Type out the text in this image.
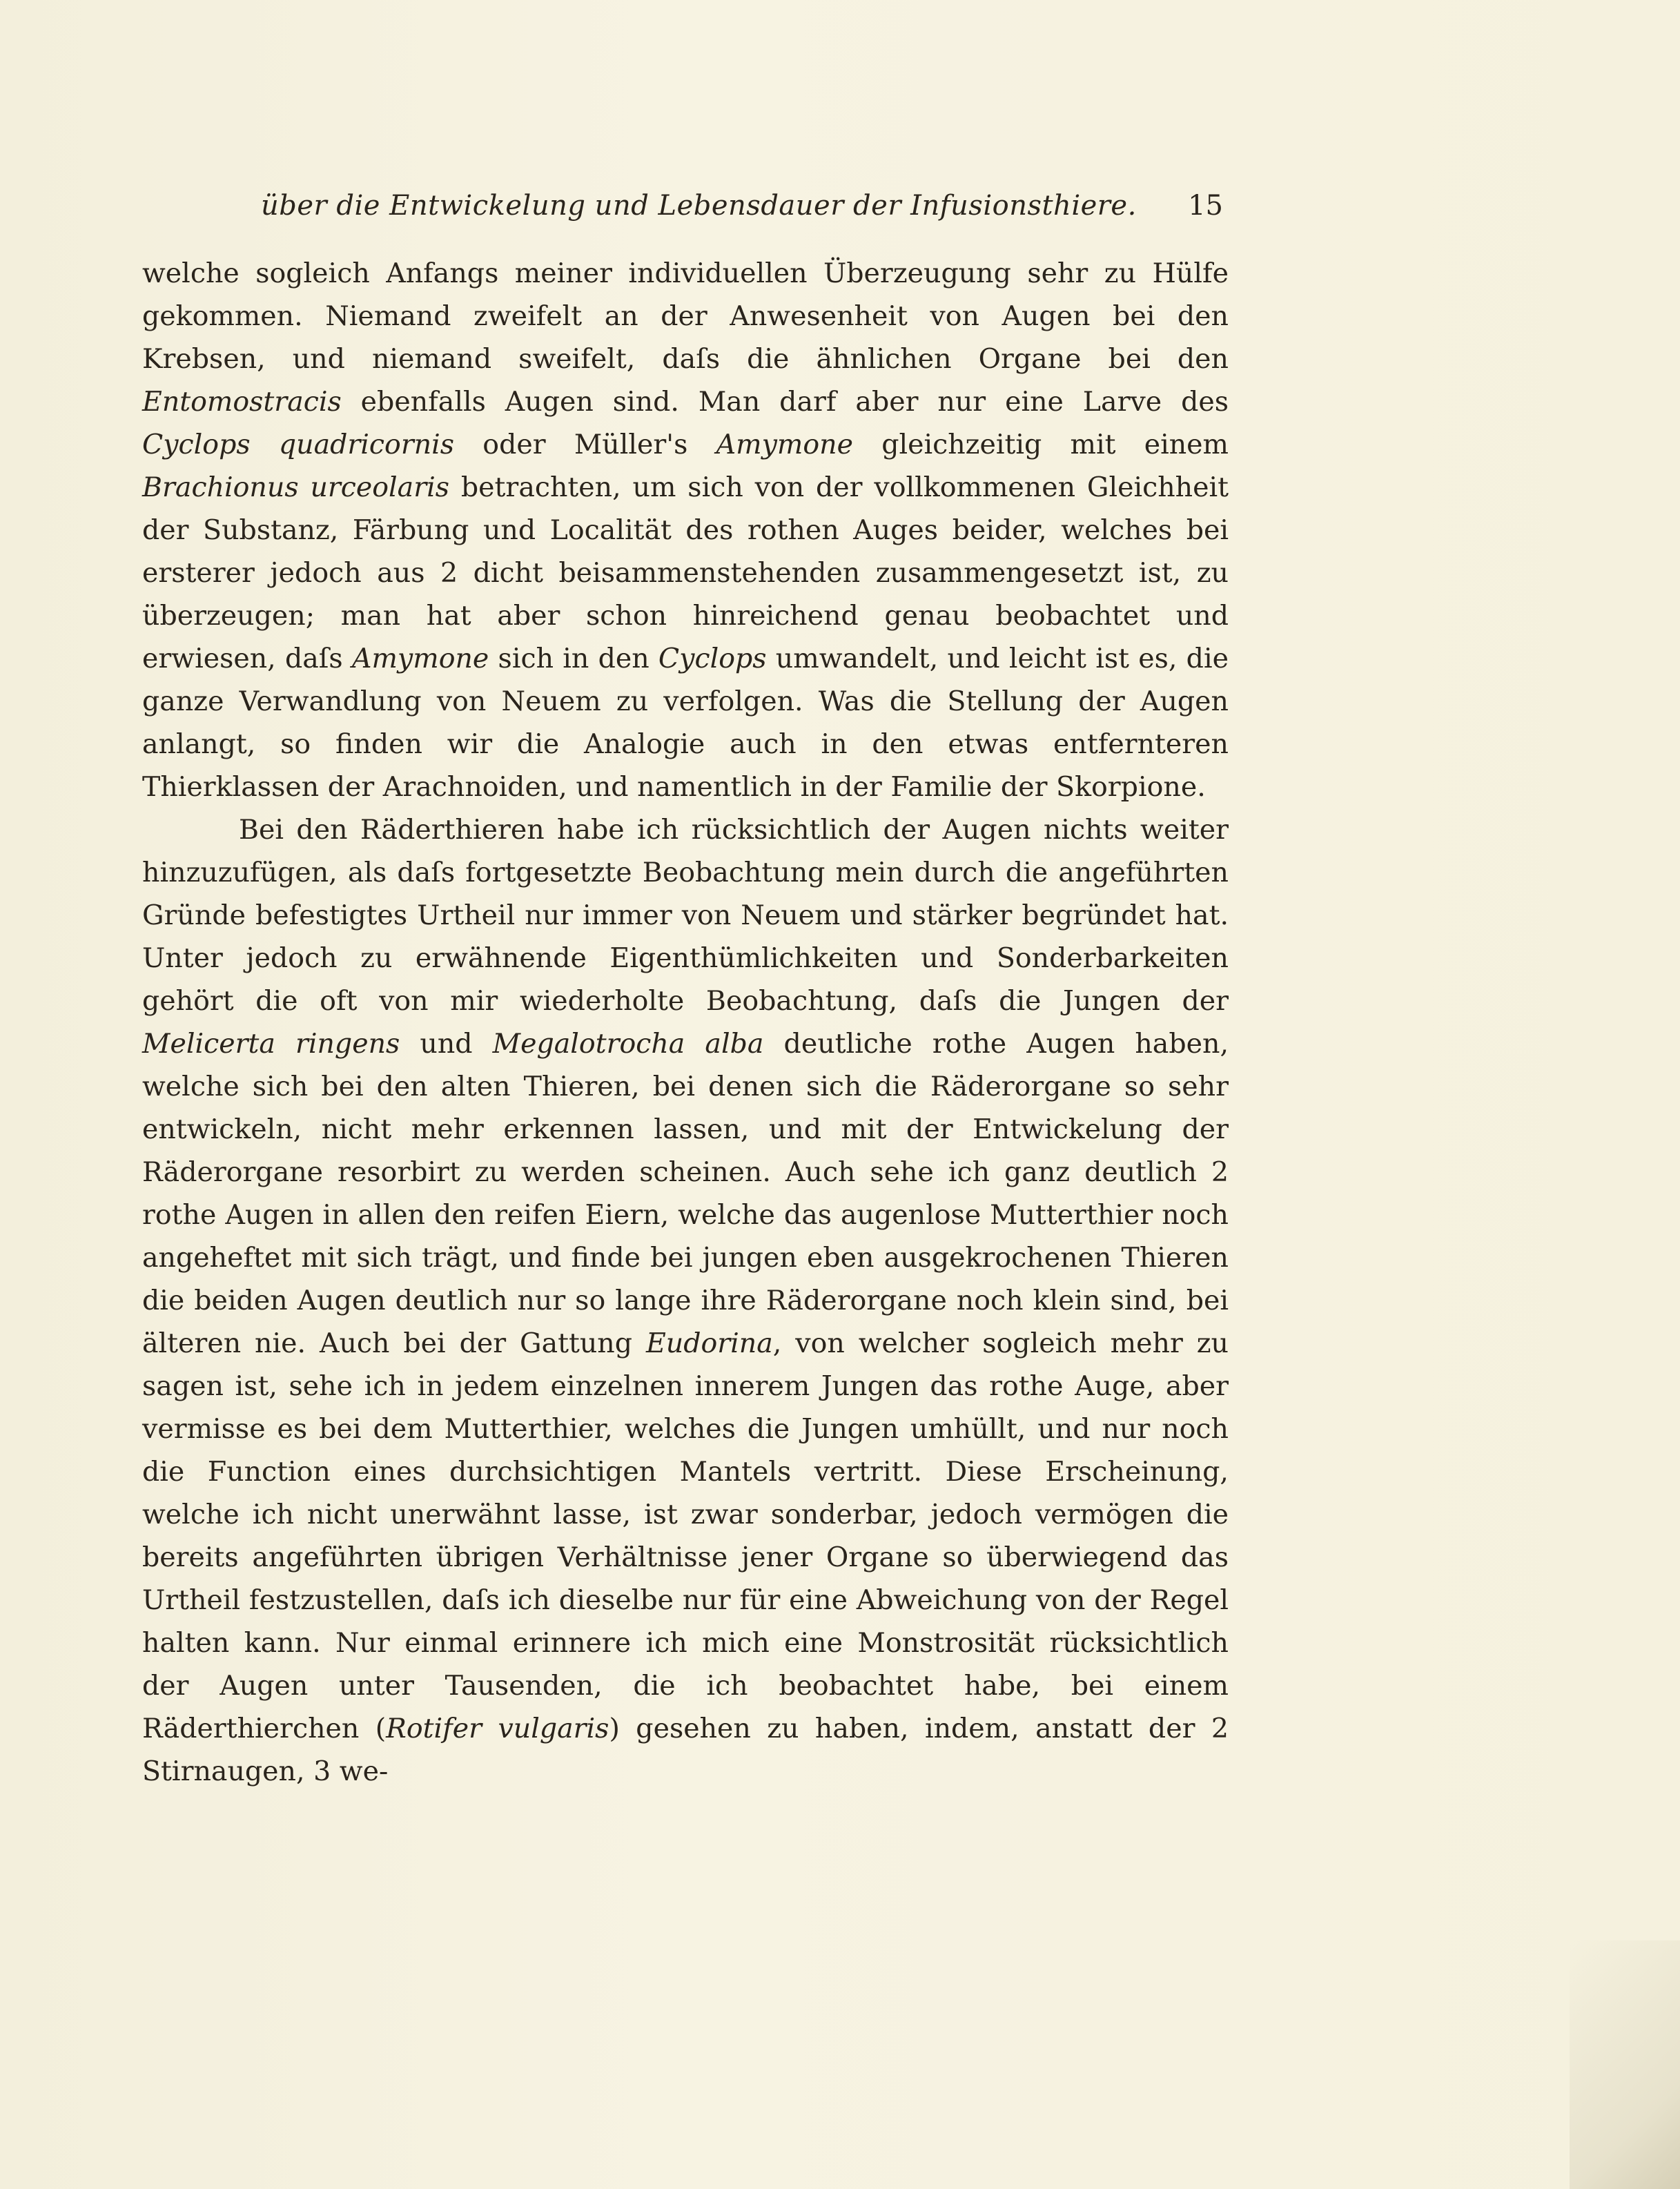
über die Entwickelung und Lebensdauer der Infusionsthiere. 15

welche sogleich Anfangs meiner individuellen Überzeugung sehr zu Hülfe gekommen. Niemand zweifelt an der Anwesenheit von Augen bei den Krebsen, und niemand sweifelt, daſs die ähnlichen Organe bei den Entomostracis ebenfalls Augen sind. Man darf aber nur eine Larve des Cyclops quadricornis oder Müller's Amymone gleichzeitig mit einem Brachionus urceolaris betrachten, um sich von der vollkommenen Gleichheit der Substanz, Färbung und Localität des rothen Auges beider, welches bei ersterer jedoch aus 2 dicht beisammenstehenden zusammengesetzt ist, zu überzeugen; man hat aber schon hinreichend genau beobachtet und erwiesen, daſs Amymone sich in den Cyclops umwandelt, und leicht ist es, die ganze Verwandlung von Neuem zu verfolgen. Was die Stellung der Augen anlangt, so finden wir die Analogie auch in den etwas entfernteren Thierklassen der Arachnoiden, und namentlich in der Familie der Skorpione.

Bei den Räderthieren habe ich rücksichtlich der Augen nichts weiter hinzuzufügen, als daſs fortgesetzte Beobachtung mein durch die angeführten Gründe befestigtes Urtheil nur immer von Neuem und stärker begründet hat. Unter jedoch zu erwähnende Eigenthümlichkeiten und Sonderbarkeiten gehört die oft von mir wiederholte Beobachtung, daſs die Jungen der Melicerta ringens und Megalotrocha alba deutliche rothe Augen haben, welche sich bei den alten Thieren, bei denen sich die Räderorgane so sehr entwickeln, nicht mehr erkennen lassen, und mit der Entwickelung der Räderorgane resorbirt zu werden scheinen. Auch sehe ich ganz deutlich 2 rothe Augen in allen den reifen Eiern, welche das augenlose Mutterthier noch angeheftet mit sich trägt, und finde bei jungen eben ausgekrochenen Thieren die beiden Augen deutlich nur so lange ihre Räderorgane noch klein sind, bei älteren nie. Auch bei der Gattung Eudorina, von welcher sogleich mehr zu sagen ist, sehe ich in jedem einzelnen innerem Jungen das rothe Auge, aber vermisse es bei dem Mutterthier, welches die Jungen umhüllt, und nur noch die Function eines durchsichtigen Mantels vertritt. Diese Erscheinung, welche ich nicht unerwähnt lasse, ist zwar sonderbar, jedoch vermögen die bereits angeführten übrigen Verhältnisse jener Organe so überwiegend das Urtheil festzustellen, daſs ich dieselbe nur für eine Abweichung von der Regel halten kann. Nur einmal erinnere ich mich eine Monstrosität rücksichtlich der Augen unter Tausenden, die ich beobachtet habe, bei einem Räderthierchen (Rotifer vulgaris) gesehen zu haben, indem, anstatt der 2 Stirnaugen, 3 we-
